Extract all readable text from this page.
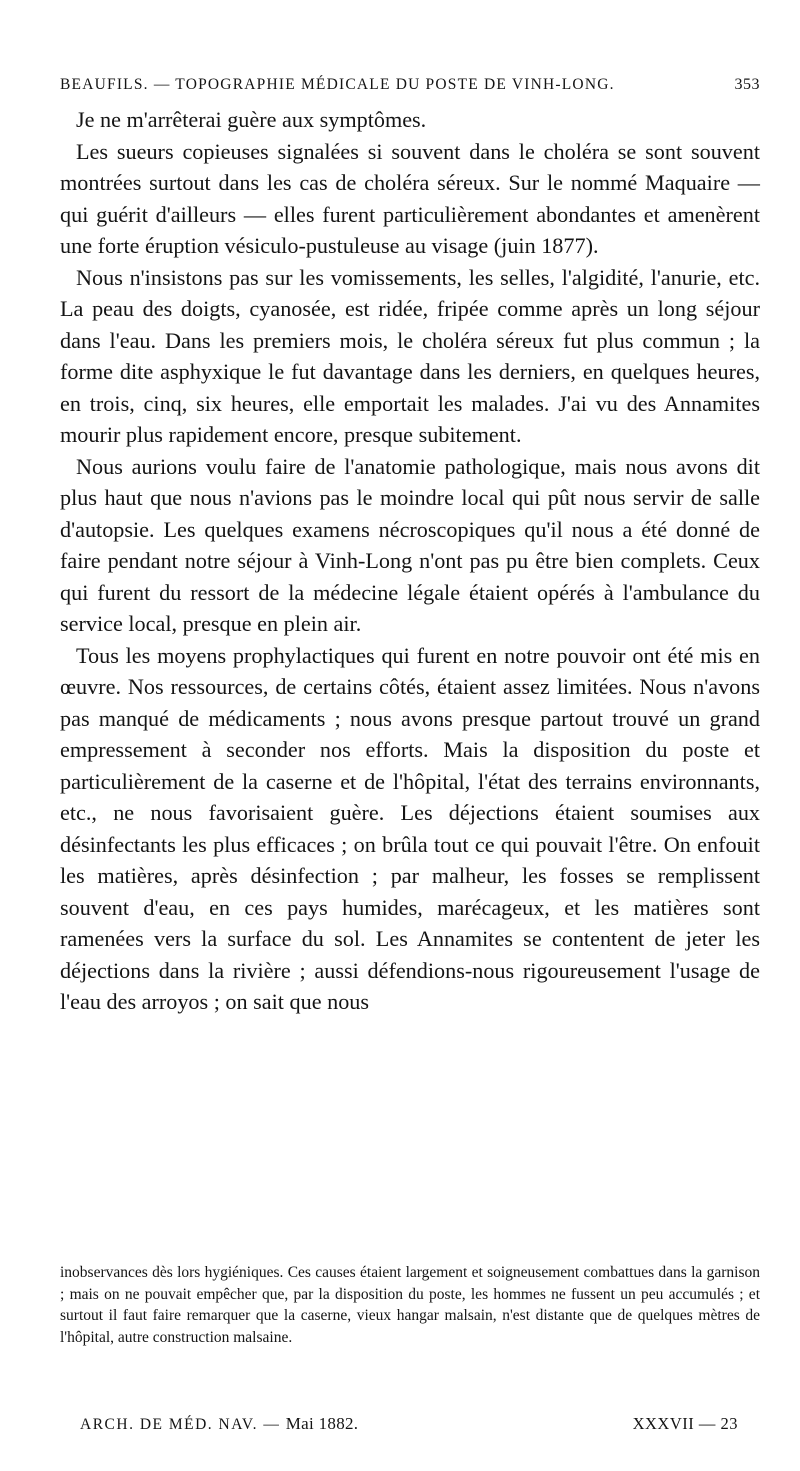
BEAUFILS. — TOPOGRAPHIE MÉDICALE DU POSTE DE VINH-LONG.	353

Je ne m'arrêterai guère aux symptômes.

Les sueurs copieuses signalées si souvent dans le choléra se sont souvent montrées surtout dans les cas de choléra séreux. Sur le nommé Maquaire — qui guérit d'ailleurs — elles furent particulièrement abondantes et amenèrent une forte éruption vésiculo-pustuleuse au visage (juin 1877).

Nous n'insistons pas sur les vomissements, les selles, l'algidité, l'anurie, etc. La peau des doigts, cyanosée, est ridée, fripée comme après un long séjour dans l'eau. Dans les premiers mois, le choléra séreux fut plus commun ; la forme dite asphyxique le fut davantage dans les derniers, en quelques heures, en trois, cinq, six heures, elle emportait les malades. J'ai vu des Annamites mourir plus rapidement encore, presque subitement.

Nous aurions voulu faire de l'anatomie pathologique, mais nous avons dit plus haut que nous n'avions pas le moindre local qui pût nous servir de salle d'autopsie. Les quelques examens nécroscopiques qu'il nous a été donné de faire pendant notre séjour à Vinh-Long n'ont pas pu être bien complets. Ceux qui furent du ressort de la médecine légale étaient opérés à l'ambulance du service local, presque en plein air.

Tous les moyens prophylactiques qui furent en notre pouvoir ont été mis en œuvre. Nos ressources, de certains côtés, étaient assez limitées. Nous n'avons pas manqué de médicaments ; nous avons presque partout trouvé un grand empressement à seconder nos efforts. Mais la disposition du poste et particulièrement de la caserne et de l'hôpital, l'état des terrains environnants, etc., ne nous favorisaient guère. Les déjections étaient soumises aux désinfectants les plus efficaces ; on brûla tout ce qui pouvait l'être. On enfouit les matières, après désinfection ; par malheur, les fosses se remplissent souvent d'eau, en ces pays humides, marécageux, et les matières sont ramenées vers la surface du sol. Les Annamites se contentent de jeter les déjections dans la rivière ; aussi défendions-nous rigoureusement l'usage de l'eau des arroyos ; on sait que nous

inobservances dès lors hygiéniques. Ces causes étaient largement et soigneusement combattues dans la garnison ; mais on ne pouvait empêcher que, par la disposition du poste, les hommes ne fussent un peu accumulés ; et surtout il faut faire remarquer que la caserne, vieux hangar malsain, n'est distante que de quelques mètres de l'hôpital, autre construction malsaine.

ARCH. DE MÉD. NAV. — Mai 1882.	XXXVII — 23
